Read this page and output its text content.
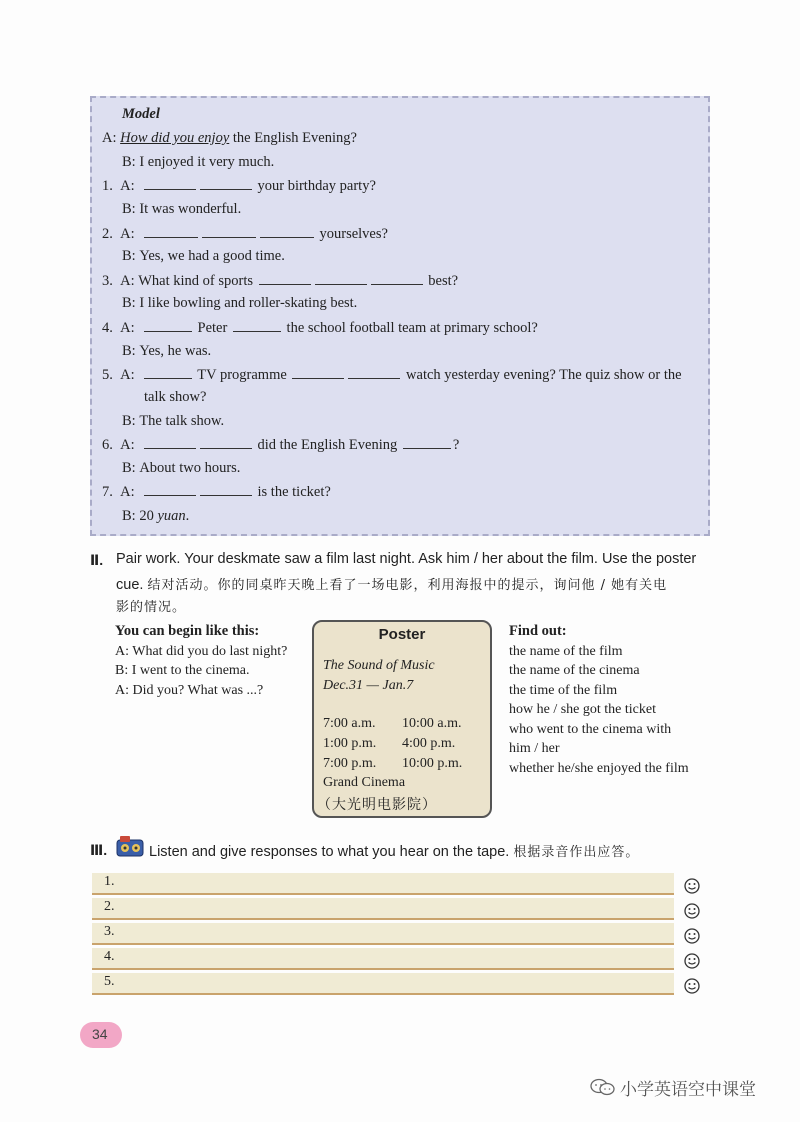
Model
A: How did you enjoy the English Evening?
B: I enjoyed it very much.
1.  A:	your birthday party?
B: It was wonderful.
2.  A:	yourselves?
B: Yes, we had a good time.
3.  A: What kind of sports	best?
B: I like bowling and roller-skating best.
4.  A:	Peter	the school football team at primary school?
B: Yes, he was.
5.  A:	TV programme	watch yesterday evening? The quiz show or the
talk show?
B: The talk show.
6.  A:	did the English Evening	?
B: About two hours.
7.  A:	is the ticket?
B: 20 yuan.
Ⅱ. Pair work. Your deskmate saw a film last night. Ask him / her about the film. Use the poster
cue. 结对活动。你的同桌昨天晚上看了一场电影，利用海报中的提示，询问他 / 她有关电
影的情况。
You can begin like this:
A: What did you do last night?
B: I went to the cinema.
A: Did you? What was ...?
Poster
The Sound of Music
Dec.31 — Jan.7
7:00 a.m. 10:00 a.m.
1:00 p.m. 4:00 p.m.
7:00 p.m. 10:00 p.m.
Grand Cinema
（大光明电影院）
Find out:
the name of the film
the name of the cinema
the time of the film
how he / she got the ticket
who went to the cinema with
him / her
whether he/she enjoyed the film
Ⅲ.	Listen and give responses to what you hear on the tape. 根据录音作出应答。
1.
2.
3.
4.
5.
34
小学英语空中课堂
